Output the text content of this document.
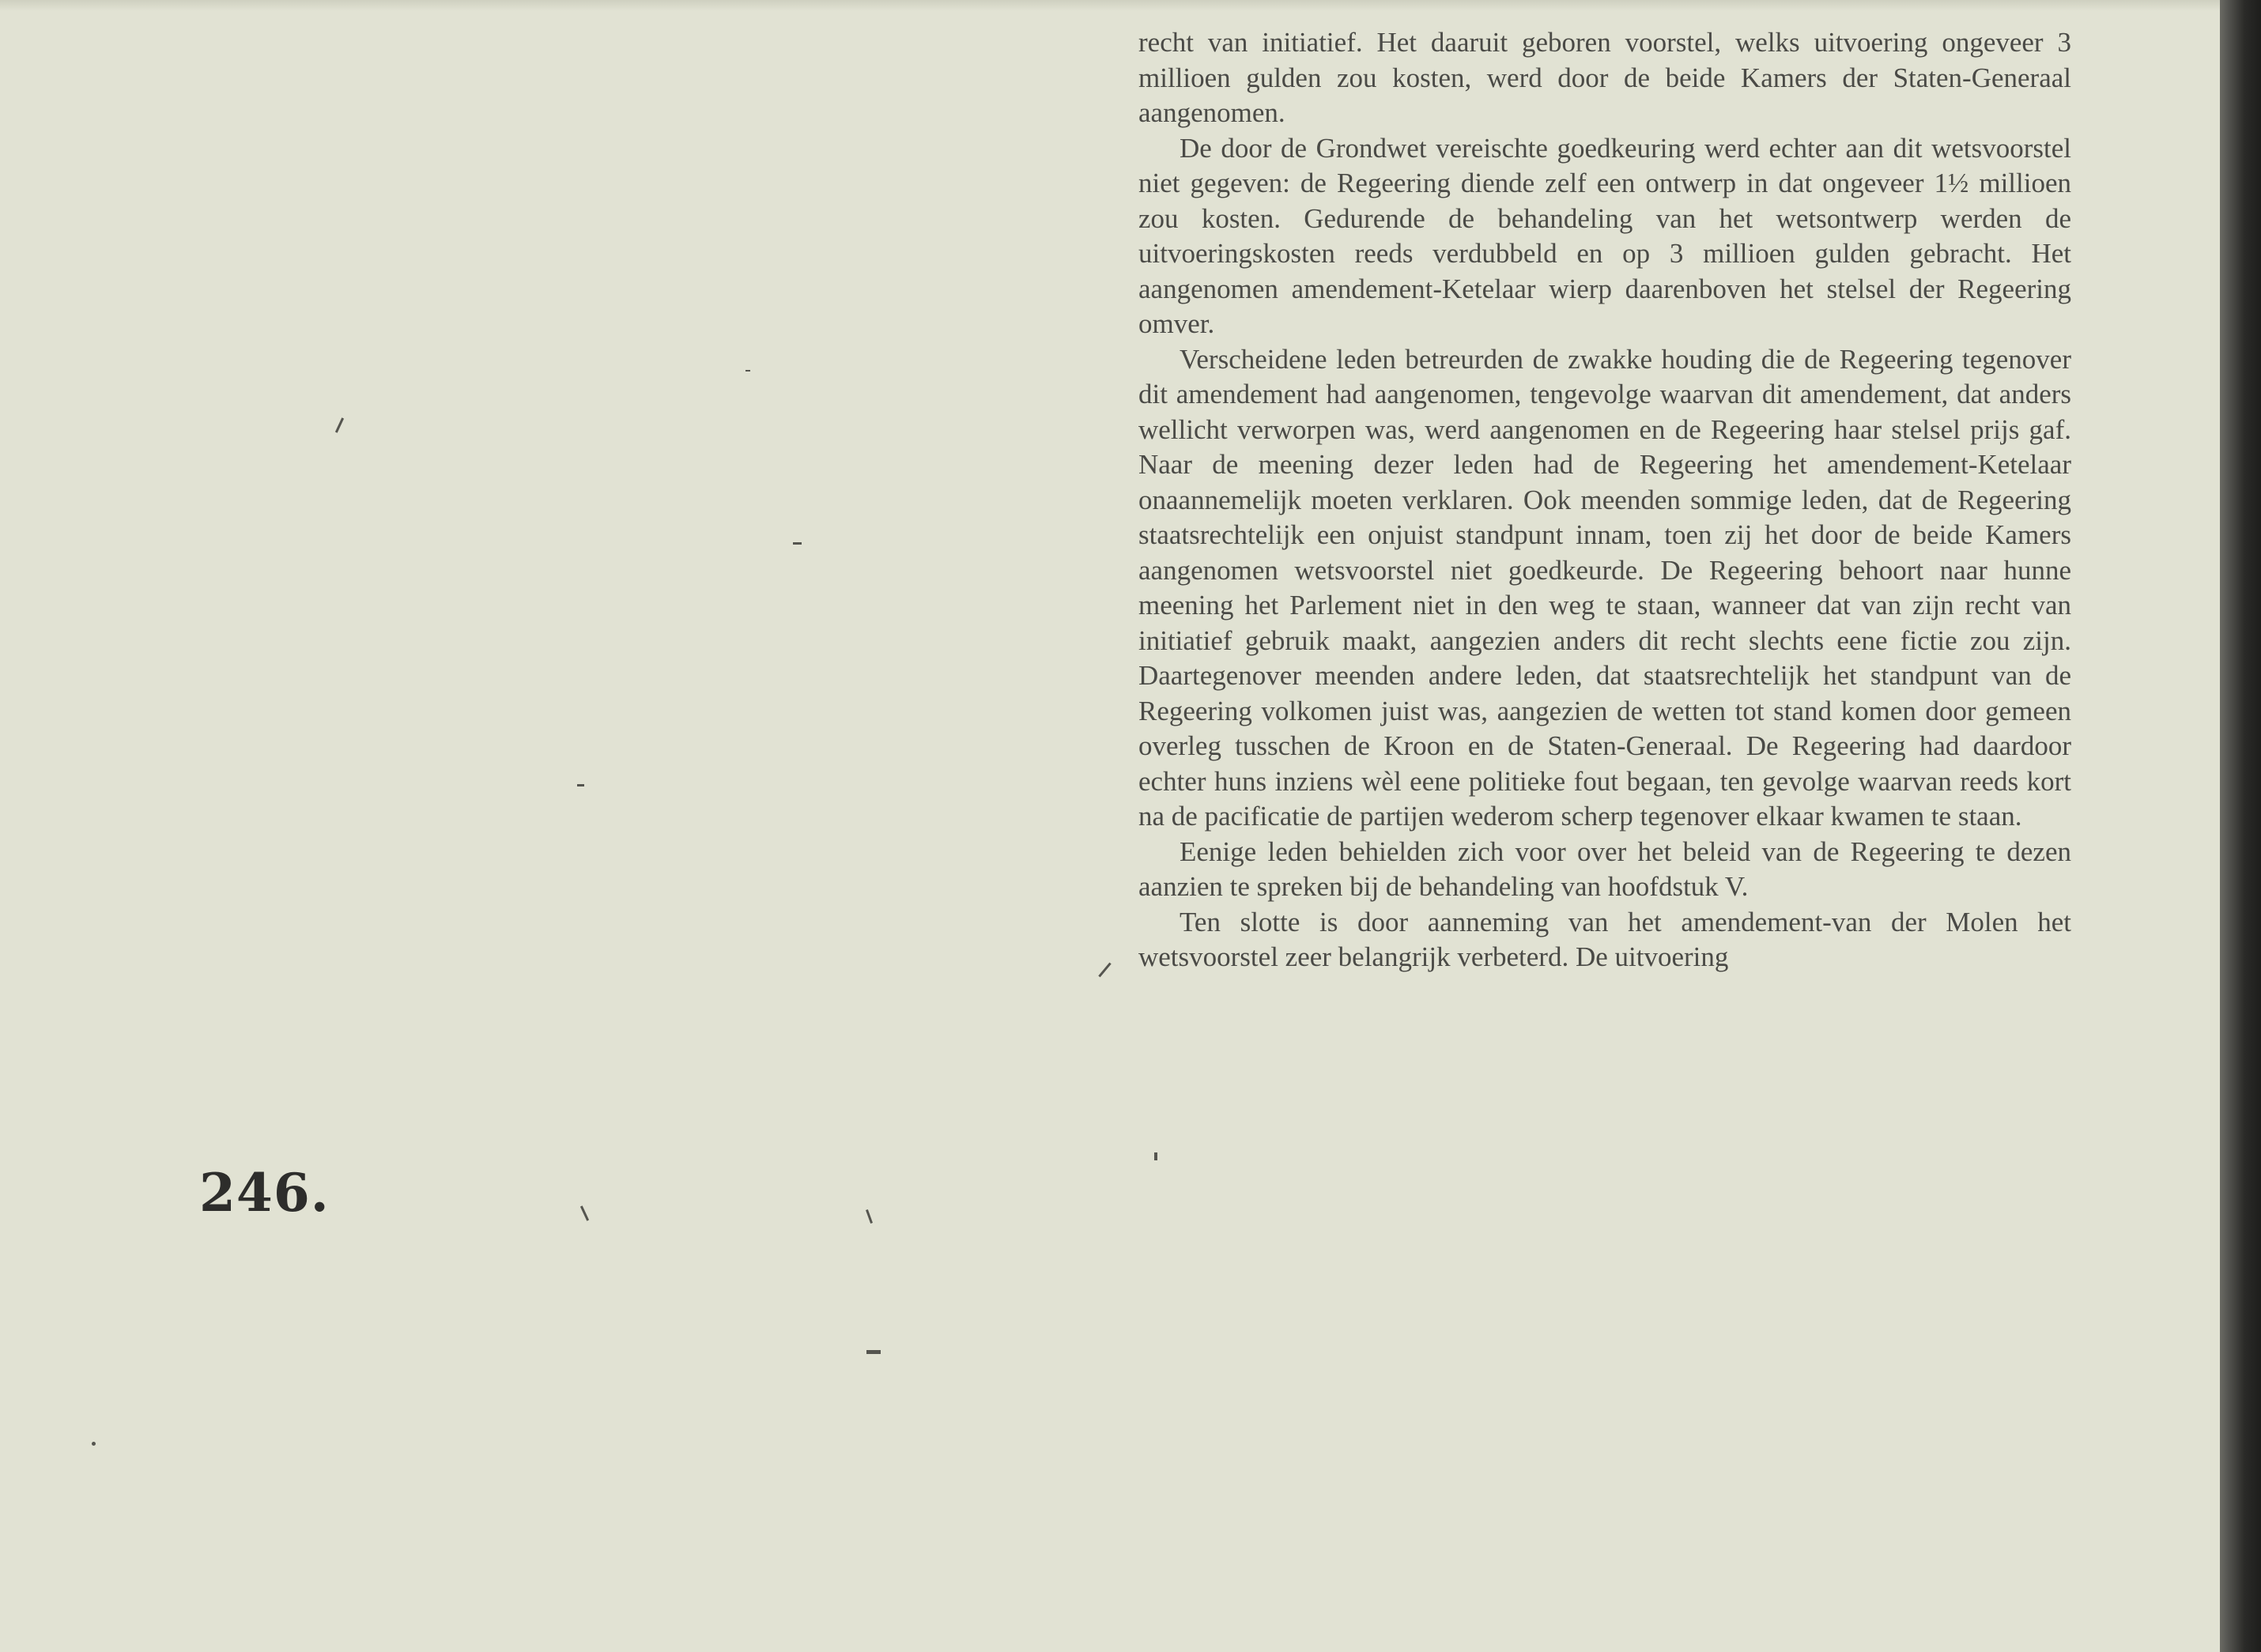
recht van initiatief. Het daaruit geboren voorstel, welks uitvoering ongeveer 3 millioen gulden zou kosten, werd door de beide Kamers der Staten-Generaal aangenomen.

De door de Grondwet vereischte goedkeuring werd echter aan dit wetsvoorstel niet gegeven: de Regeering diende zelf een ontwerp in dat ongeveer 1½ millioen zou kosten. Gedurende de behandeling van het wetsontwerp werden de uitvoeringskosten reeds verdubbeld en op 3 millioen gulden gebracht. Het aangenomen amendement-Ketelaar wierp daarenboven het stelsel der Regeering omver.

Verscheidene leden betreurden de zwakke houding die de Regeering tegenover dit amendement had aangenomen, tengevolge waarvan dit amendement, dat anders wellicht verworpen was, werd aangenomen en de Regeering haar stelsel prijs gaf. Naar de meening dezer leden had de Regeering het amendement-Ketelaar onaannemelijk moeten verklaren. Ook meenden sommige leden, dat de Regeering staatsrechtelijk een onjuist standpunt innam, toen zij het door de beide Kamers aangenomen wetsvoorstel niet goedkeurde. De Regeering behoort naar hunne meening het Parlement niet in den weg te staan, wanneer dat van zijn recht van initiatief gebruik maakt, aangezien anders dit recht slechts eene fictie zou zijn. Daartegenover meenden andere leden, dat staatsrechtelijk het standpunt van de Regeering volkomen juist was, aangezien de wetten tot stand komen door gemeen overleg tusschen de Kroon en de Staten-Generaal. De Regeering had daardoor echter huns inziens wèl eene politieke fout begaan, ten gevolge waarvan reeds kort na de pacificatie de partijen wederom scherp tegenover elkaar kwamen te staan.

Eenige leden behielden zich voor over het beleid van de Regeering te dezen aanzien te spreken bij de behandeling van hoofdstuk V.

Ten slotte is door aanneming van het amendement-van der Molen het wetsvoorstel zeer belangrijk verbeterd. De uitvoering

246.
